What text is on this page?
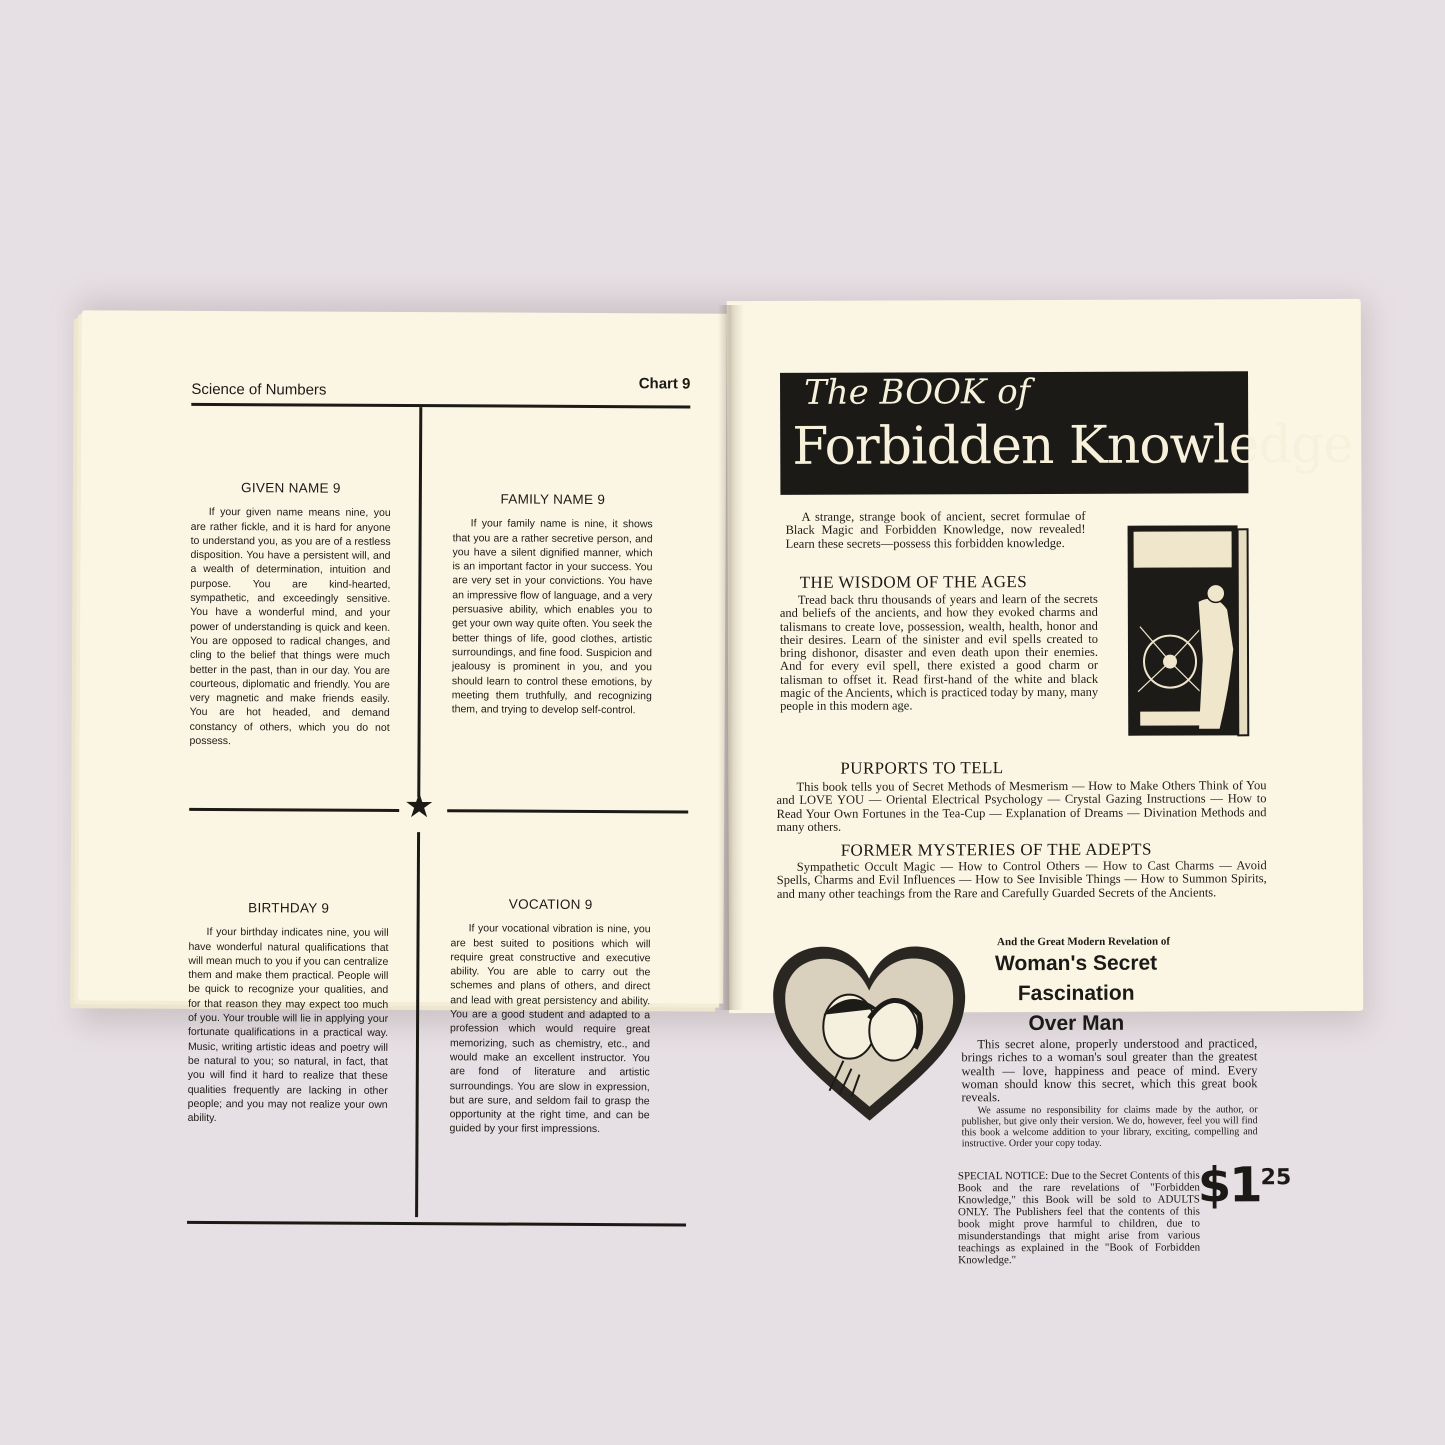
Science of Numbers	Chart 9
★
GIVEN NAME 9
If your given name means nine, you are rather fickle, and it is hard for anyone to understand you, as you are of a restless disposition. You have a persistent will, and a wealth of determination, intuition and purpose. You are kind-hearted, sympathetic, and exceedingly sensitive. You have a wonderful mind, and your power of understanding is quick and keen. You are opposed to radical changes, and cling to the belief that things were much better in the past, than in our day. You are courteous, diplomatic and friendly. You are very magnetic and make friends easily. You are hot headed, and demand constancy of others, which you do not possess.
FAMILY NAME 9
If your family name is nine, it shows that you are a rather secretive person, and you have a silent dignified manner, which is an important factor in your success. You are very set in your convictions. You have an impressive flow of language, and a very persuasive ability, which enables you to get your own way quite often. You seek the better things of life, good clothes, artistic surroundings, and fine food. Suspicion and jealousy is prominent in you, and you should learn to control these emotions, by meeting them truthfully, and recognizing them, and trying to develop self-control.
BIRTHDAY 9
If your birthday indicates nine, you will have wonderful natural qualifications that will mean much to you if you can centralize them and make them practical. People will be quick to recognize your qualities, and for that reason they may expect too much of you. Your trouble will lie in applying your fortunate qualifications in a practical way. Music, writing artistic ideas and poetry will be natural to you; so natural, in fact, that you will find it hard to realize that these qualities frequently are lacking in other people; and you may not realize your own ability.
VOCATION 9
If your vocational vibration is nine, you are best suited to positions which will require great constructive and executive ability. You are able to carry out the schemes and plans of others, and direct and lead with great persistency and ability. You are a good student and adapted to a profession which would require great memorizing, such as chemistry, etc., and would make an excellent instructor. You are fond of literature and artistic surroundings. You are slow in expression, but are sure, and seldom fail to grasp the opportunity at the right time, and can be guided by your first impressions.
The BOOK of
Forbidden Knowledge
A strange, strange book of ancient, secret formulae of Black Magic and Forbidden Knowledge, now revealed! Learn these secrets—possess this forbidden knowledge.
THE WISDOM OF THE AGES
Tread back thru thousands of years and learn of the secrets and beliefs of the ancients, and how they evoked charms and talismans to create love, possession, wealth, health, honor and their desires. Learn of the sinister and evil spells created to bring dishonor, disaster and even death upon their enemies. And for every evil spell, there existed a good charm or talisman to offset it. Read first-hand of the white and black magic of the Ancients, which is practiced today by many, many people in this modern age.
PURPORTS TO TELL
This book tells you of Secret Methods of Mesmerism — How to Make Others Think of You and LOVE YOU — Oriental Electrical Psychology — Crystal Gazing Instructions — How to Read Your Own Fortunes in the Tea-Cup — Explanation of Dreams — Divination Methods and many others.
FORMER MYSTERIES OF THE ADEPTS
Sympathetic Occult Magic — How to Control Others — How to Cast Charms — Avoid Spells, Charms and Evil Influences — How to See Invisible Things — How to Summon Spirits, and many other teachings from the Rare and Carefully Guarded Secrets of the Ancients.
And the Great Modern Revelation of
Woman's Secret
Fascination
Over Man
This secret alone, properly understood and practiced, brings riches to a woman's soul greater than the greatest wealth — love, happiness and peace of mind. Every woman should know this secret, which this great book reveals.
We assume no responsibility for claims made by the author, or publisher, but give only their version. We do, however, feel you will find this book a welcome addition to your library, exciting, compelling and instructive. Order your copy today.
SPECIAL NOTICE: Due to the Secret Contents of this Book and the rare revelations of "Forbidden Knowledge," this Book will be sold to ADULTS ONLY. The Publishers feel that the contents of this book might prove harmful to children, due to misunderstandings that might arise from various teachings as explained in the "Book of Forbidden Knowledge."
$\$1^{25}$
